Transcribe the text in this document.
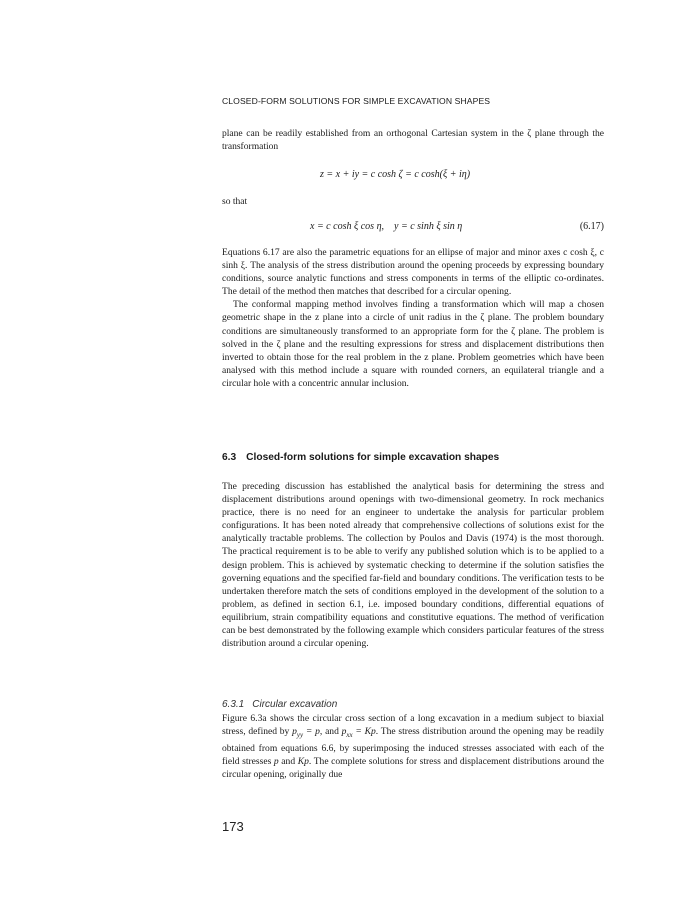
CLOSED-FORM SOLUTIONS FOR SIMPLE EXCAVATION SHAPES

plane can be readily established from an orthogonal Cartesian system in the ζ plane through the transformation

z = x + iy = c cosh ζ = c cosh(ξ + iη)

so that

x = c cosh ξ cos η,    y = c sinh ξ sin η	(6.17)

Equations 6.17 are also the parametric equations for an ellipse of major and minor axes c cosh ξ, c sinh ξ. The analysis of the stress distribution around the opening proceeds by expressing boundary conditions, source analytic functions and stress components in terms of the elliptic co-ordinates. The detail of the method then matches that described for a circular opening.

The conformal mapping method involves finding a transformation which will map a chosen geometric shape in the z plane into a circle of unit radius in the ζ plane. The problem boundary conditions are simultaneously transformed to an appropriate form for the ζ plane. The problem is solved in the ζ plane and the resulting expressions for stress and displacement distributions then inverted to obtain those for the real problem in the z plane. Problem geometries which have been analysed with this method include a square with rounded corners, an equilateral triangle and a circular hole with a concentric annular inclusion.

6.3 Closed-form solutions for simple excavation shapes

The preceding discussion has established the analytical basis for determining the stress and displacement distributions around openings with two-dimensional geometry. In rock mechanics practice, there is no need for an engineer to undertake the analysis for particular problem configurations. It has been noted already that comprehensive collections of solutions exist for the analytically tractable problems. The collection by Poulos and Davis (1974) is the most thorough. The practical requirement is to be able to verify any published solution which is to be applied to a design problem. This is achieved by systematic checking to determine if the solution satisfies the governing equations and the specified far-field and boundary conditions. The verification tests to be undertaken therefore match the sets of conditions employed in the development of the solution to a problem, as defined in section 6.1, i.e. imposed boundary conditions, differential equations of equilibrium, strain compatibility equations and constitutive equations. The method of verification can be best demonstrated by the following example which considers particular features of the stress distribution around a circular opening.

6.3.1 Circular excavation

Figure 6.3a shows the circular cross section of a long excavation in a medium subject to biaxial stress, defined by $p_{yy} = p$, and $p_{xx} = Kp$. The stress distribution around the opening may be readily obtained from equations 6.6, by superimposing the induced stresses associated with each of the field stresses p and Kp. The complete solutions for stress and displacement distributions around the circular opening, originally due

173
